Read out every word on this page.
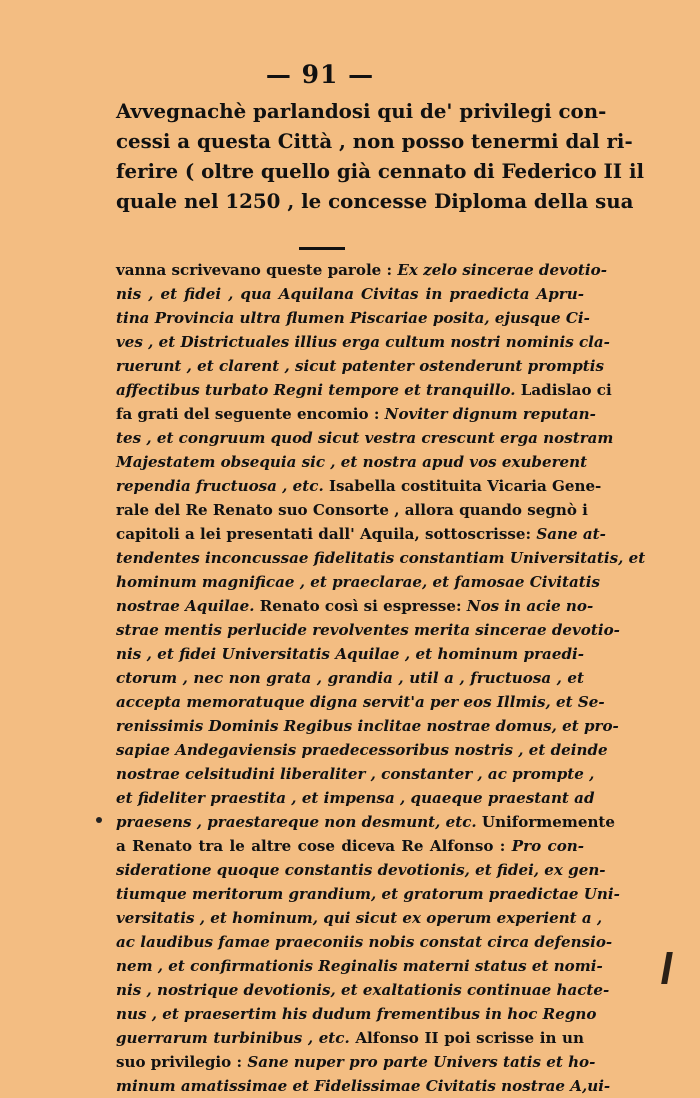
— 91 —
Avvegnachè parlandosi qui de' privilegi con-
cessi a questa Città , non posso tenermi dal ri-
ferire ( oltre quello già cennato di Federico II il
quale nel 1250 , le concesse Diploma della sua
vanna scrivevano queste parole : Ex zelo sincerae devotio-
nis , et fidei , qua Aquilana Civitas in praedicta Apru-
tina Provincia ultra flumen Piscariae posita, ejusque Ci-
ves , et Districtuales illius erga cultum nostri nominis cla-
ruerunt , et clarent , sicut patenter ostenderunt promptis
affectibus turbato Regni tempore et tranquillo. Ladislao ci
fa grati del seguente encomio : Noviter dignum reputan-
tes , et congruum quod sicut vestra crescunt erga nostram
Majestatem obsequia sic , et nostra apud vos exuberent
rependia fructuosa , etc. Isabella costituita Vicaria Gene-
rale del Re Renato suo Consorte , allora quando segnò i
capitoli a lei presentati dall' Aquila, sottoscrisse: Sane at-
tendentes inconcussae fidelitatis constantiam Universitatis, et
hominum magnificae , et praeclarae, et famosae Civitatis
nostrae Aquilae. Renato così si espresse: Nos in acie no-
strae mentis perlucide revolventes merita sincerae devotio-
nis , et fidei Universitatis Aquilae , et hominum praedi-
ctorum , nec non grata , grandia , util a , fructuosa , et
accepta memoratuque digna servit'a per eos Illmis, et Se-
renissimis Dominis Regibus inclitae nostrae domus, et pro-
sapiae Andegaviensis praedecessoribus nostris , et deinde
nostrae celsitudini liberaliter , constanter , ac prompte ,
et fideliter praestita , et impensa , quaeque praestant ad
praesens , praestareque non desmunt, etc. Uniformemente
a Renato tra le altre cose diceva Re Alfonso : Pro con-
sideratione quoque constantis devotionis, et fidei, ex gen-
tiumque meritorum grandium, et gratorum praedictae Uni-
versitatis , et hominum, qui sicut ex operum experient a ,
ac laudibus famae praeconiis nobis constat circa defensio-
nem , et confirmationis Reginalis materni status et nomi-
nis , nostrique devotionis, et exaltationis continuae hacte-
nus , et praesertim his dudum frementibus in hoc Regno
guerrarum turbinibus , etc. Alfonso II poi scrisse in un
suo privilegio : Sane nuper pro parte Univers tatis et ho-
minum amatissimae et Fidelissimae Civitatis nostrae A,ui-
